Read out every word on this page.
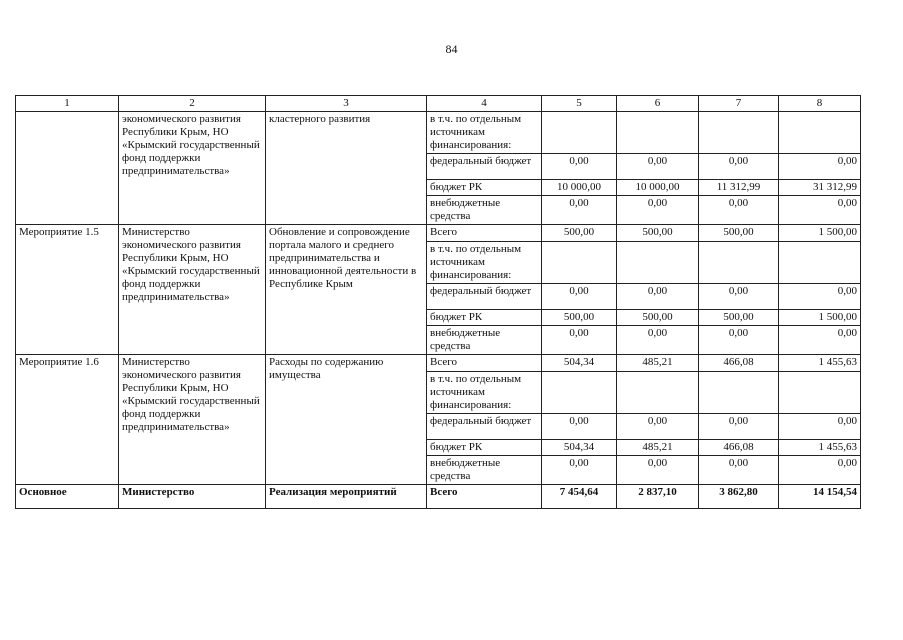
84
1	2	3	4	5	6	7	8
	экономического развития Республики Крым, НО «Крымский государственный фонд поддержки предпринимательства»	кластерного развития	в т.ч. по отдельным источникам финансирования:				
			федеральный бюджет	0,00	0,00	0,00	0,00
			бюджет РК	10 000,00	10 000,00	11 312,99	31 312,99
			внебюджетные средства	0,00	0,00	0,00	0,00
Мероприятие 1.5	Министерство экономического развития Республики Крым, НО «Крымский государственный фонд поддержки предпринимательства»	Обновление и сопровождение портала малого и среднего предпринимательства и инновационной деятельности в Республике Крым	Всего	500,00	500,00	500,00	1 500,00
			в т.ч. по отдельным источникам финансирования:				
			федеральный бюджет	0,00	0,00	0,00	0,00
			бюджет РК	500,00	500,00	500,00	1 500,00
			внебюджетные средства	0,00	0,00	0,00	0,00
Мероприятие 1.6	Министерство экономического развития Республики Крым, НО «Крымский государственный фонд поддержки предпринимательства»	Расходы по содержанию имущества	Всего	504,34	485,21	466,08	1 455,63
			в т.ч. по отдельным источникам финансирования:				
			федеральный бюджет	0,00	0,00	0,00	0,00
			бюджет РК	504,34	485,21	466,08	1 455,63
			внебюджетные средства	0,00	0,00	0,00	0,00
Основное	Министерство	Реализация мероприятий	Всего	7 454,64	2 837,10	3 862,80	14 154,54
